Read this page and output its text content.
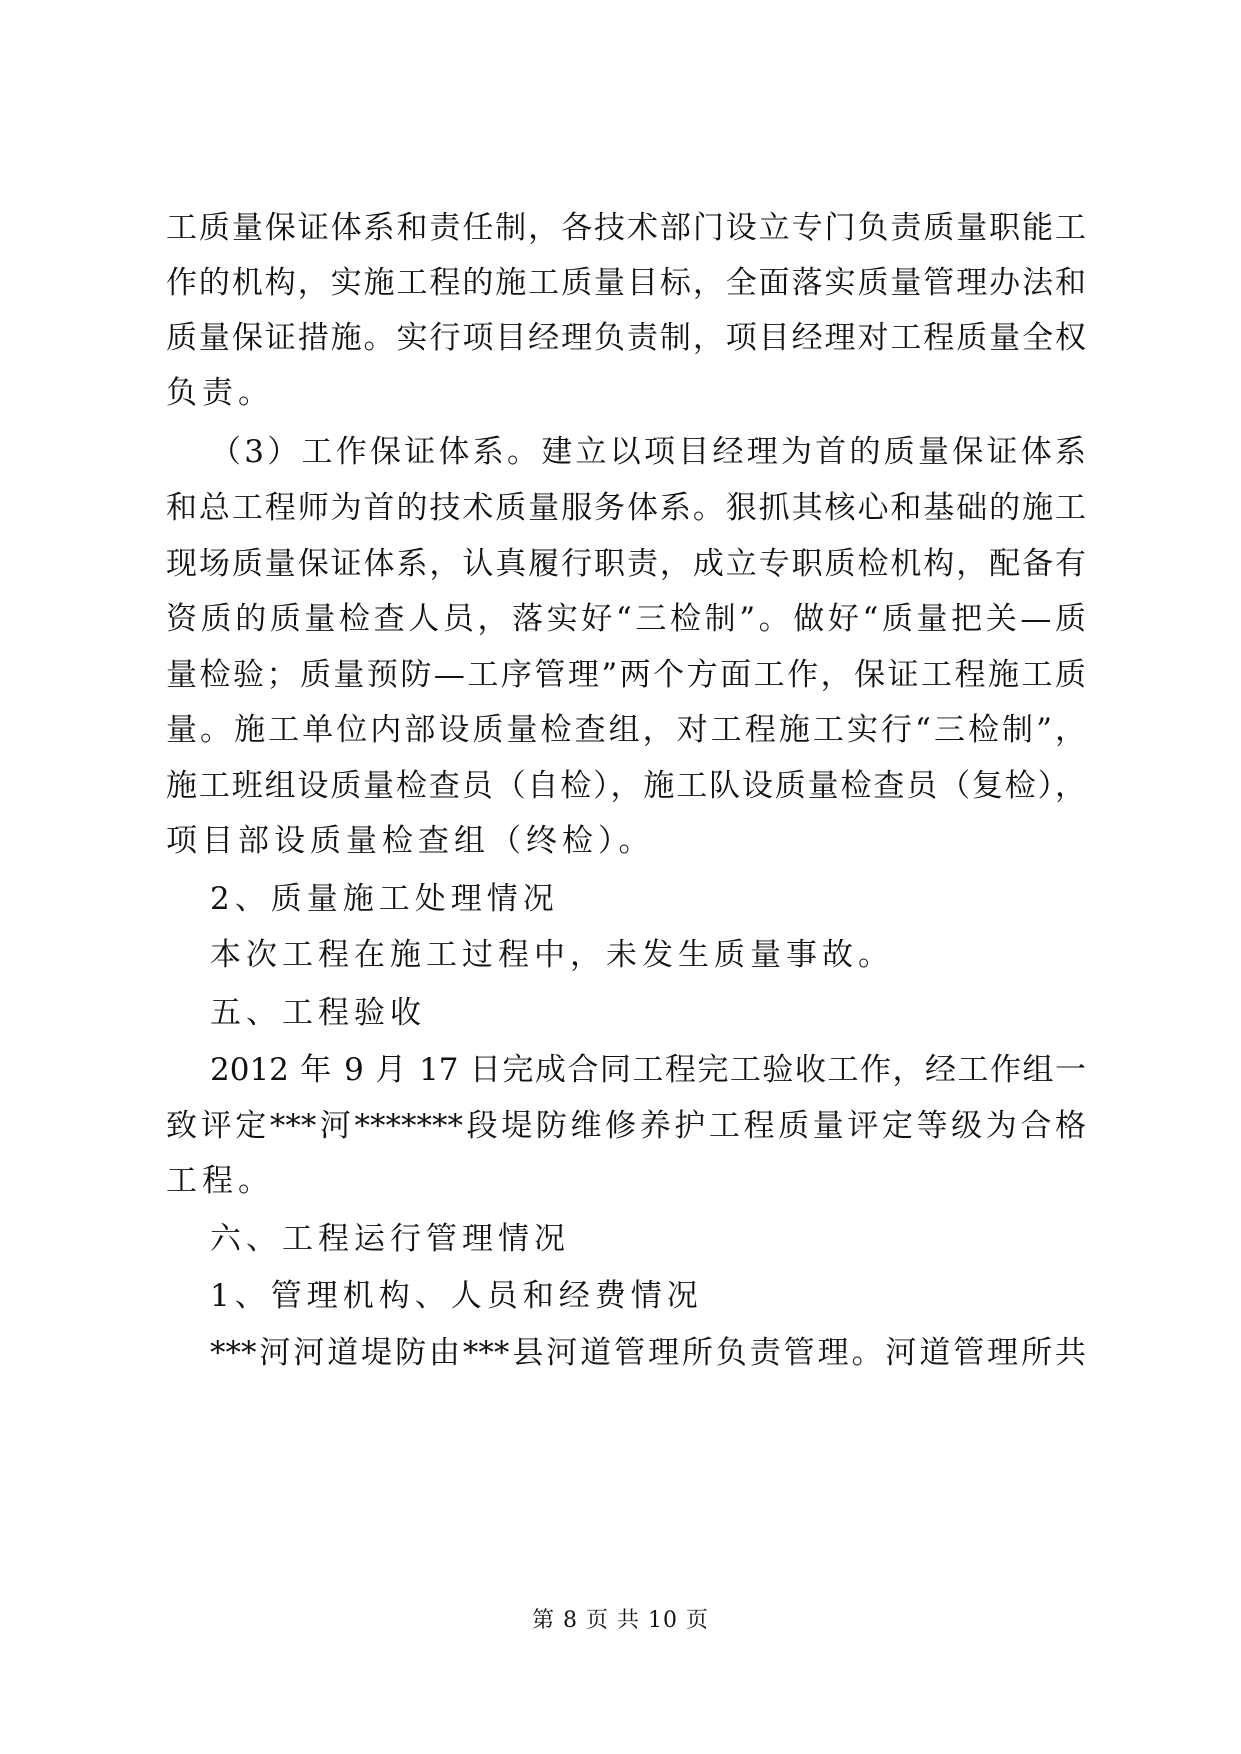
工质量保证体系和责任制，各技术部门设立专门负责质量职能工
作的机构，实施工程的施工质量目标，全面落实质量管理办法和
质量保证措施。实行项目经理负责制，项目经理对工程质量全权
负责。
（3）工作保证体系。建立以项目经理为首的质量保证体系
和总工程师为首的技术质量服务体系。狠抓其核心和基础的施工
现场质量保证体系，认真履行职责，成立专职质检机构，配备有
资质的质量检查人员，落实好“三检制”。做好“质量把关—质
量检验；质量预防—工序管理”两个方面工作，保证工程施工质
量。施工单位内部设质量检查组，对工程施工实行“三检制”，
施工班组设质量检查员（自检），施工队设质量检查员（复检），
项目部设质量检查组（终检）。
2、质量施工处理情况
本次工程在施工过程中，未发生质量事故。
五、工程验收
2012 年 9 月 17 日完成合同工程完工验收工作，经工作组一
致评定***河*******段堤防维修养护工程质量评定等级为合格
工程。
六、工程运行管理情况
1、管理机构、人员和经费情况
***河河道堤防由***县河道管理所负责管理。河道管理所共
第 8 页 共 10 页
